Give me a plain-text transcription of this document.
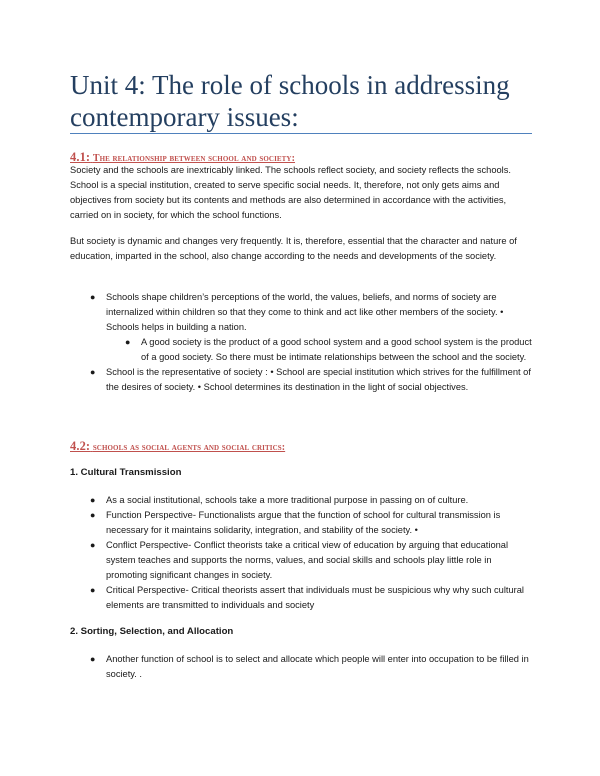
Unit 4: The role of schools in addressing contemporary issues:
4.1: The relationship between school and society:

Society and the schools are inextricably linked. The schools reflect society, and society reflects the schools. School is a special institution, created to serve specific social needs. It, therefore, not only gets aims and objectives from society but its contents and methods are also determined in accordance with the activities, carried on in society, for which the school functions.

But society is dynamic and changes very frequently. It is, therefore, essential that the character and nature of education, imparted in the school, also change according to the needs and developments of the society.

● Schools shape children’s perceptions of the world, the values, beliefs, and norms of society are internalized within children so that they come to think and act like other members of the society. • Schools helps in building a nation.
● A good society is the product of a good school system and a good school system is the product of a good society. So there must be intimate relationships between the school and the society.
● School is the representative of society : • School are special institution which strives for the fulfillment of the desires of society. • School determines its destination in the light of social objectives.
4.2: schools as social agents and social critics:

1. Cultural Transmission

● As a social institutional, schools take a more traditional purpose in passing on of culture.
● Function Perspective- Functionalists argue that the function of school for cultural transmission is necessary for it maintains solidarity, integration, and stability of the society. •
● Conflict Perspective- Conflict theorists take a critical view of education by arguing that educational system teaches and supports the norms, values, and social skills and schools play little role in promoting significant changes in society.
● Critical Perspective- Critical theorists assert that individuals must be suspicious why why such cultural elements are transmitted to individuals and society

2. Sorting, Selection, and Allocation

● Another function of school is to select and allocate which people will enter into occupation to be filled in society. .
